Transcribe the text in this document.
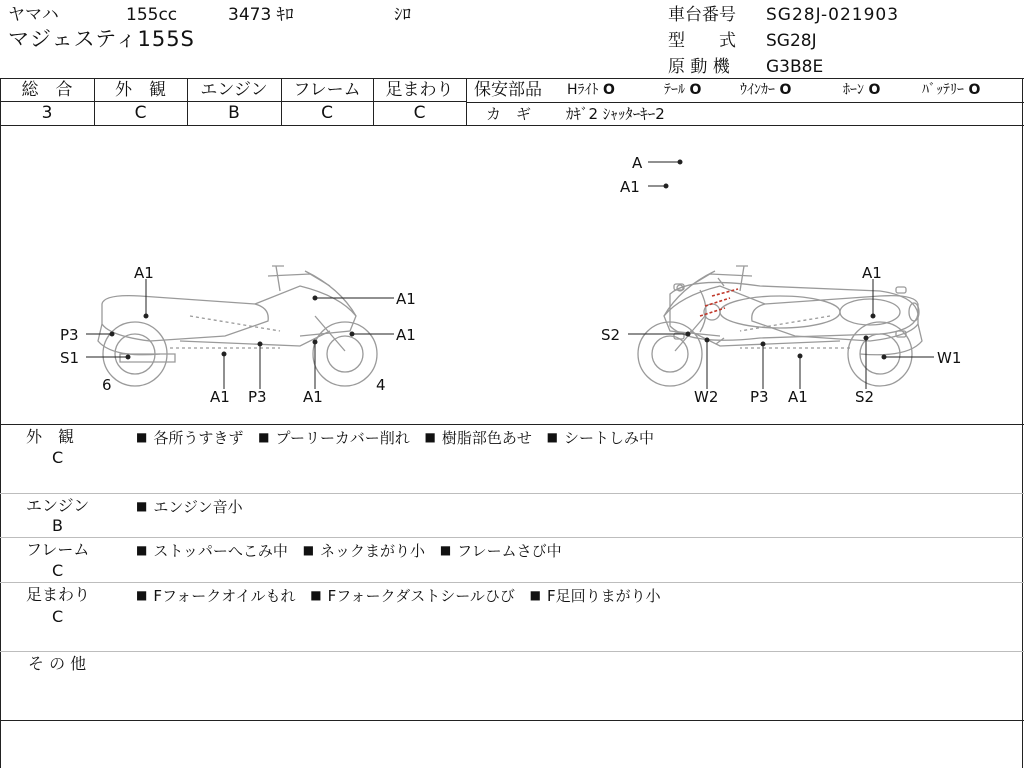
ヤマハ	155cc	3473 ｷﾛ	ｼﾛ
マジェスティ155S
車台番号 SG28J-021903
型　　式 SG28J
原 動 機 G3B8E
総　合
3
外　観
C
エンジン
B
フレーム
C
足まわり
C
保安部品 Hﾗｲﾄ O	ﾃｰﾙ O	ｳｲﾝｶｰ O	ﾎｰﾝ O	ﾊﾞｯﾃﾘｰ O
カ　ギ ｶｷﾞ2 ｼｬｯﾀｰｷｰ2
A
A1
A1
A1
A1
P3
S1
6
A1 P3 A1
4
A1
S2
W1
W2 P3 A1	S2
外　観
C
■ 各所うすきず ■ プーリーカバー削れ ■ 樹脂部色あせ ■ シートしみ中
エンジン
B
■ エンジン音小
フレーム
C
■ ストッパーへこみ中 ■ ネックまがり小 ■ フレームさび中
足まわり
C
■ Fフォークオイルもれ ■ Fフォークダストシールひび ■ F足回りまがり小
そ の 他
